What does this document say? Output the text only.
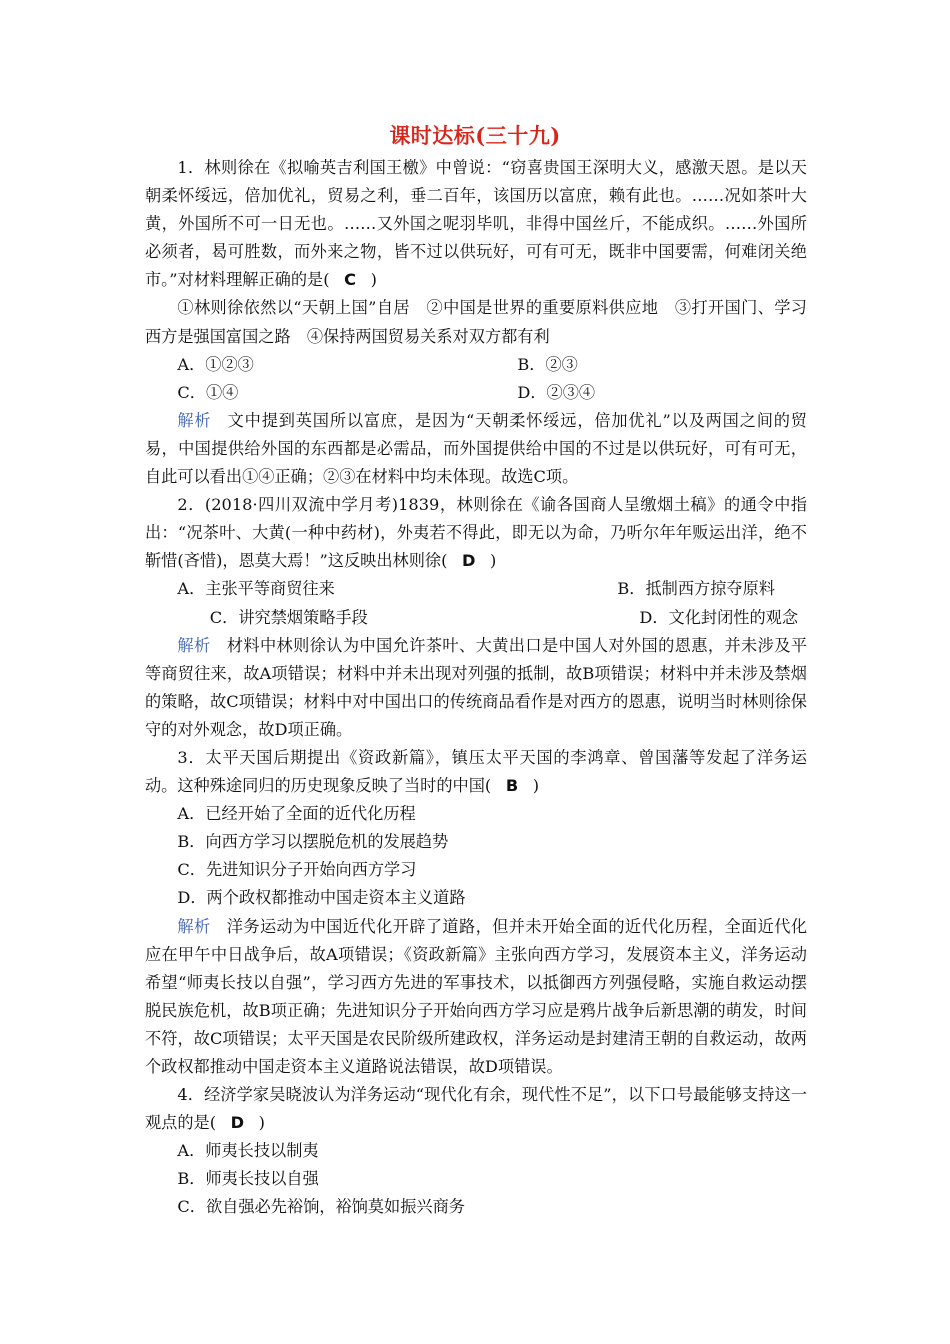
课时达标(三十九)

1．林则徐在《拟喻英吉利国王檄》中曾说：“窃喜贵国王深明大义，感激天恩。是以天朝柔怀绥远，倍加优礼，贸易之利，垂二百年，该国历以富庶，赖有此也。……况如茶叶大黄，外国所不可一日无也。……又外国之呢羽毕叽，非得中国丝斤，不能成织。……外国所必须者，曷可胜数，而外来之物，皆不过以供玩好，可有可无，既非中国要需，何难闭关绝市。”对材料理解正确的是( C )

①林则徐依然以“天朝上国”自居　②中国是世界的重要原料供应地　③打开国门、学习西方是强国富国之路　④保持两国贸易关系对双方都有利

A．①②③	B．②③
C．①④	D．②③④

解析 文中提到英国所以富庶，是因为“天朝柔怀绥远，倍加优礼”以及两国之间的贸易，中国提供给外国的东西都是必需品，而外国提供给中国的不过是以供玩好，可有可无，自此可以看出①④正确；②③在材料中均未体现。故选C项。

2．(2018·四川双流中学月考)1839，林则徐在《谕各国商人呈缴烟土稿》的通令中指出：“况茶叶、大黄(一种中药材)，外夷若不得此，即无以为命，乃听尔年年贩运出洋，绝不靳惜(吝惜)，恩莫大焉！”这反映出林则徐( D )

A．主张平等商贸往来	B．抵制西方掠夺原料
C．讲究禁烟策略手段	D．文化封闭性的观念

解析 材料中林则徐认为中国允许茶叶、大黄出口是中国人对外国的恩惠，并未涉及平等商贸往来，故A项错误；材料中并未出现对列强的抵制，故B项错误；材料中并未涉及禁烟的策略，故C项错误；材料中对中国出口的传统商品看作是对西方的恩惠，说明当时林则徐保守的对外观念，故D项正确。

3．太平天国后期提出《资政新篇》，镇压太平天国的李鸿章、曾国藩等发起了洋务运动。这种殊途同归的历史现象反映了当时的中国( B )

A．已经开始了全面的近代化历程

B．向西方学习以摆脱危机的发展趋势

C．先进知识分子开始向西方学习

D．两个政权都推动中国走资本主义道路

解析 洋务运动为中国近代化开辟了道路，但并未开始全面的近代化历程，全面近代化应在甲午中日战争后，故A项错误；《资政新篇》主张向西方学习，发展资本主义，洋务运动希望“师夷长技以自强”，学习西方先进的军事技术，以抵御西方列强侵略，实施自救运动摆脱民族危机，故B项正确；先进知识分子开始向西方学习应是鸦片战争后新思潮的萌发，时间不符，故C项错误；太平天国是农民阶级所建政权，洋务运动是封建清王朝的自救运动，故两个政权都推动中国走资本主义道路说法错误，故D项错误。

4．经济学家吴晓波认为洋务运动“现代化有余，现代性不足”，以下口号最能够支持这一观点的是( D )

A．师夷长技以制夷

B．师夷长技以自强

C．欲自强必先裕饷，裕饷莫如振兴商务
